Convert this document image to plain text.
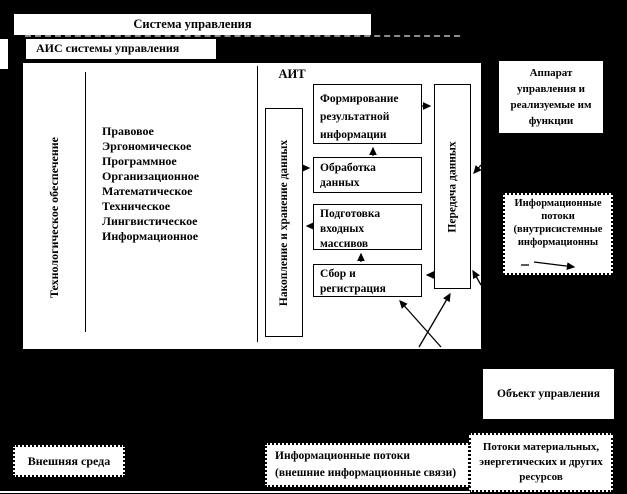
Система управления
АИС системы управления
Технологическое обеспечение
Правовое
Эргономическое
Программное
Организационное
Математическое
Техническое
Лингвистическое
Информационное
АИТ
Накопление и хранение данных
Формирование результатной информации
Обработка данных
Подготовка входных массивов
Сбор и регистрация
Передача данных
Аппарат управления и реализуемые им функции
Информационные потоки (внутрисистемные информационны
Объект управления
Потоки материальных, энергетических и других ресурсов
Внешняя среда	Информационные потоки (внешние информационные связи)
